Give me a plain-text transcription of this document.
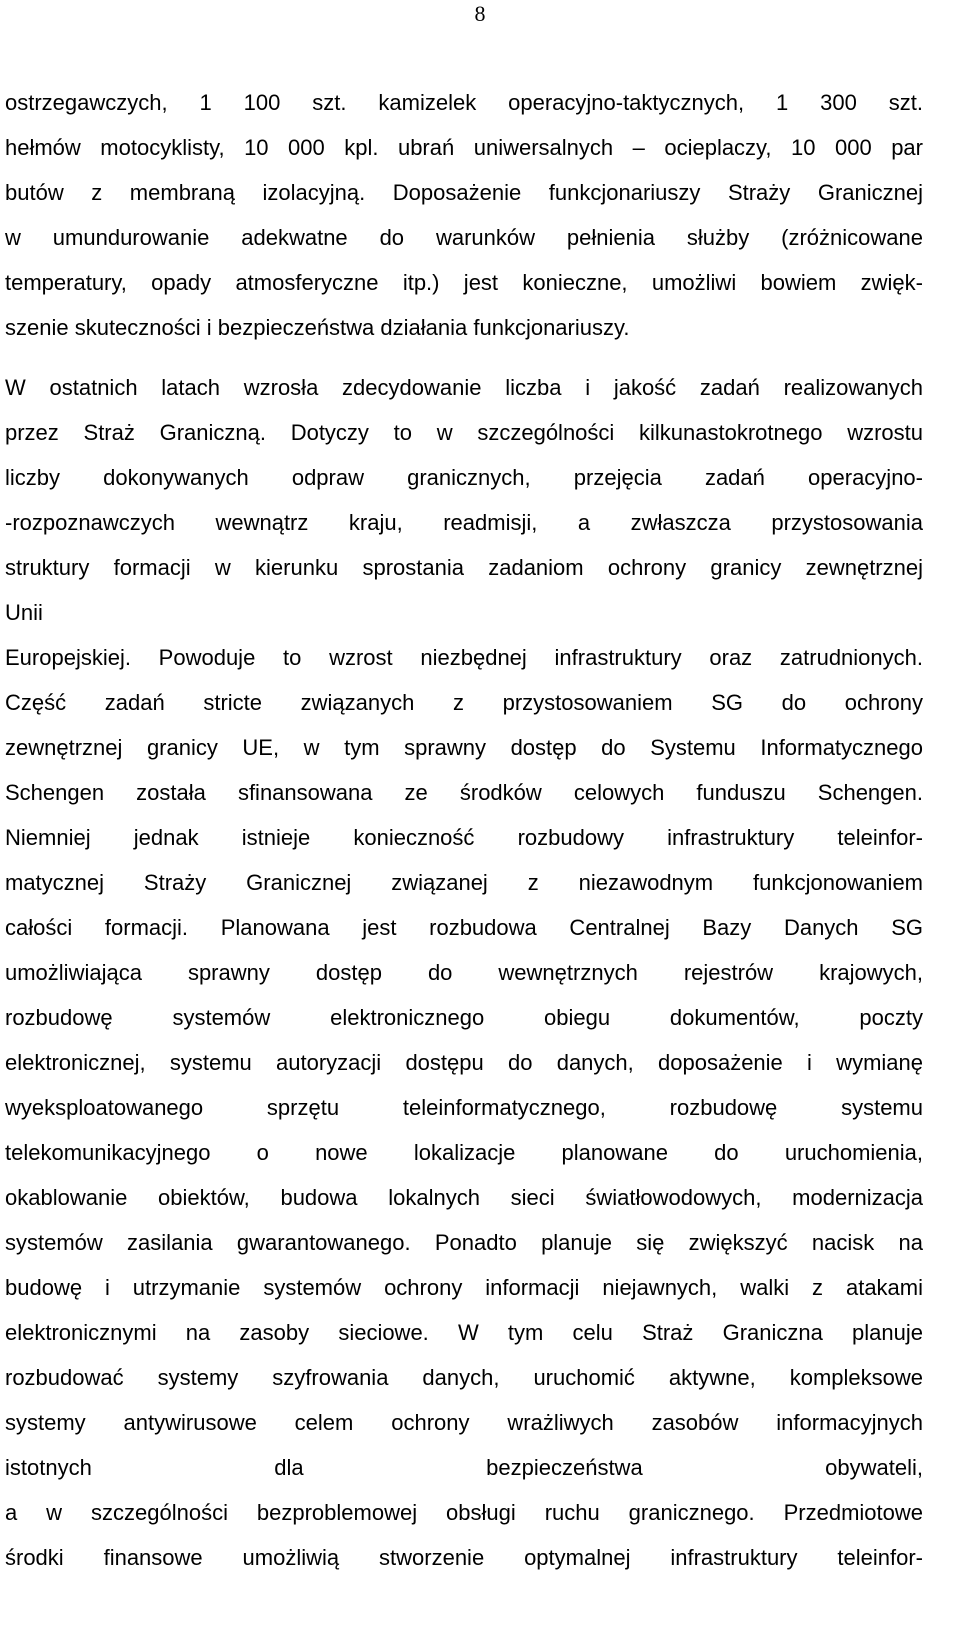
8
ostrzegawczych, 1 100 szt. kamizelek operacyjno-taktycznych, 1 300 szt.
hełmów motocyklisty, 10 000 kpl. ubrań uniwersalnych – ocieplaczy, 10 000 par
butów z membraną izolacyjną. Doposażenie funkcjonariuszy Straży Granicznej
w umundurowanie adekwatne do warunków pełnienia służby (zróżnicowane
temperatury, opady atmosferyczne itp.) jest konieczne, umożliwi bowiem zwięk-
szenie skuteczności i bezpieczeństwa działania funkcjonariuszy.
W ostatnich latach wzrosła zdecydowanie liczba i jakość zadań realizowanych
przez Straż Graniczną. Dotyczy to w szczególności kilkunastokrotnego wzrostu
liczby dokonywanych odpraw granicznych, przejęcia zadań operacyjno-
-rozpoznawczych wewnątrz kraju, readmisji, a zwłaszcza przystosowania
struktury formacji w kierunku sprostania zadaniom ochrony granicy zewnętrznej
Unii
Europejskiej. Powoduje to wzrost niezbędnej infrastruktury oraz zatrudnionych.
Część zadań stricte związanych z przystosowaniem SG do ochrony
zewnętrznej granicy UE, w tym sprawny dostęp do Systemu Informatycznego
Schengen została sfinansowana ze środków celowych funduszu Schengen.
Niemniej jednak istnieje konieczność rozbudowy infrastruktury teleinfor-
matycznej Straży Granicznej związanej z niezawodnym funkcjonowaniem
całości formacji. Planowana jest rozbudowa Centralnej Bazy Danych SG
umożliwiająca sprawny dostęp do wewnętrznych rejestrów krajowych,
rozbudowę systemów elektronicznego obiegu dokumentów, poczty
elektronicznej, systemu autoryzacji dostępu do danych, doposażenie i wymianę
wyeksploatowanego sprzętu teleinformatycznego, rozbudowę systemu
telekomunikacyjnego o nowe lokalizacje planowane do uruchomienia,
okablowanie obiektów, budowa lokalnych sieci światłowodowych, modernizacja
systemów zasilania gwarantowanego. Ponadto planuje się zwiększyć nacisk na
budowę i utrzymanie systemów ochrony informacji niejawnych, walki z atakami
elektronicznymi na zasoby sieciowe. W tym celu Straż Graniczna planuje
rozbudować systemy szyfrowania danych, uruchomić aktywne, kompleksowe
systemy antywirusowe celem ochrony wrażliwych zasobów informacyjnych
istotnych dla bezpieczeństwa obywateli,
a w szczególności bezproblemowej obsługi ruchu granicznego. Przedmiotowe
środki finansowe umożliwią stworzenie optymalnej infrastruktury teleinfor-
